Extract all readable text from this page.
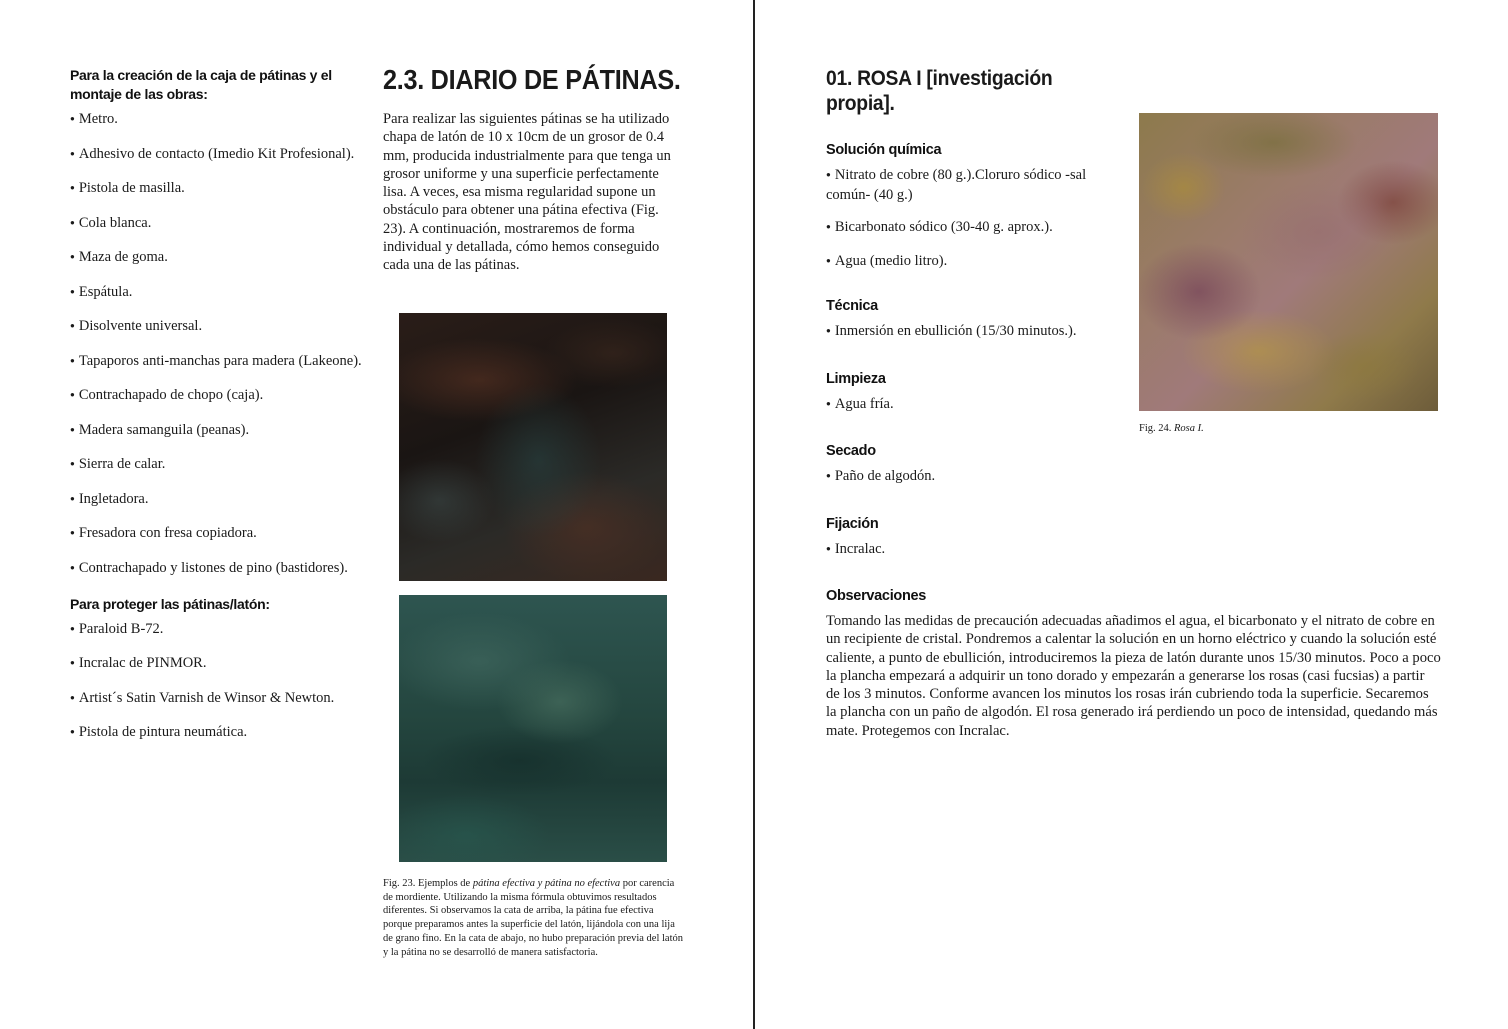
Para la creación de la caja de pátinas y el montaje de las obras:
● Metro.
● Adhesivo de contacto (Imedio Kit Profesional).
● Pistola de masilla.
● Cola blanca.
● Maza de goma.
● Espátula.
● Disolvente universal.
● Tapaporos anti-manchas para madera (Lakeone).
● Contrachapado de chopo (caja).
● Madera samanguila (peanas).
● Sierra de calar.
● Ingletadora.
● Fresadora con fresa copiadora.
● Contrachapado y listones de pino (bastidores).
Para proteger las pátinas/latón:
● Paraloid B-72.
● Incralac de PINMOR.
● Artist´s Satin Varnish de Winsor & Newton.
● Pistola de pintura neumática.
2.3. DIARIO DE PÁTINAS.
Para realizar las siguientes pátinas se ha utilizado chapa de latón de 10 x 10cm de un grosor de 0.4 mm, producida industrialmente para que tenga un grosor uniforme y una superficie perfectamente lisa. A veces, esa misma regularidad supone un obstáculo para obtener una pátina efectiva (Fig. 23). A continuación, mostraremos de forma individual y detallada, cómo hemos conseguido cada una de las pátinas.
Fig. 23. Ejemplos de pátina efectiva y pátina no efectiva por carencia de mordiente. Utilizando la misma fórmula obtuvimos resultados diferentes. Si observamos la cata de arriba, la pátina fue efectiva porque preparamos antes la superficie del latón, lijándola con una lija de grano fino. En la cata de abajo, no hubo preparación previa del latón y la pátina no se desarrolló de manera satisfactoria.
01. ROSA I [investigación propia].
Solución química
● Nitrato de cobre (80 g.).Cloruro sódico -sal común- (40 g.)
● Bicarbonato sódico (30-40 g. aprox.).
● Agua (medio litro).
Técnica
● Inmersión en ebullición (15/30 minutos.).
Limpieza
● Agua fría.
Secado
● Paño de algodón.
Fijación
● Incralac.
Observaciones
Tomando las medidas de precaución adecuadas añadimos el agua, el bicarbonato y el nitrato de cobre en un recipiente de cristal. Pondremos a calentar la solución en un horno eléctrico y cuando la solución esté caliente, a punto de ebullición, introduciremos la pieza de latón durante unos 15/30 minutos. Poco a poco la plancha empezará a adquirir un tono dorado y empezarán a generarse los rosas (casi fucsias) a partir de los 3 minutos. Conforme avancen los minutos los rosas irán cubriendo toda la superficie. Secaremos la plancha con un paño de algodón. El rosa generado irá perdiendo un poco de intensidad, quedando más mate. Protegemos con Incralac.
Fig. 24. Rosa I.
